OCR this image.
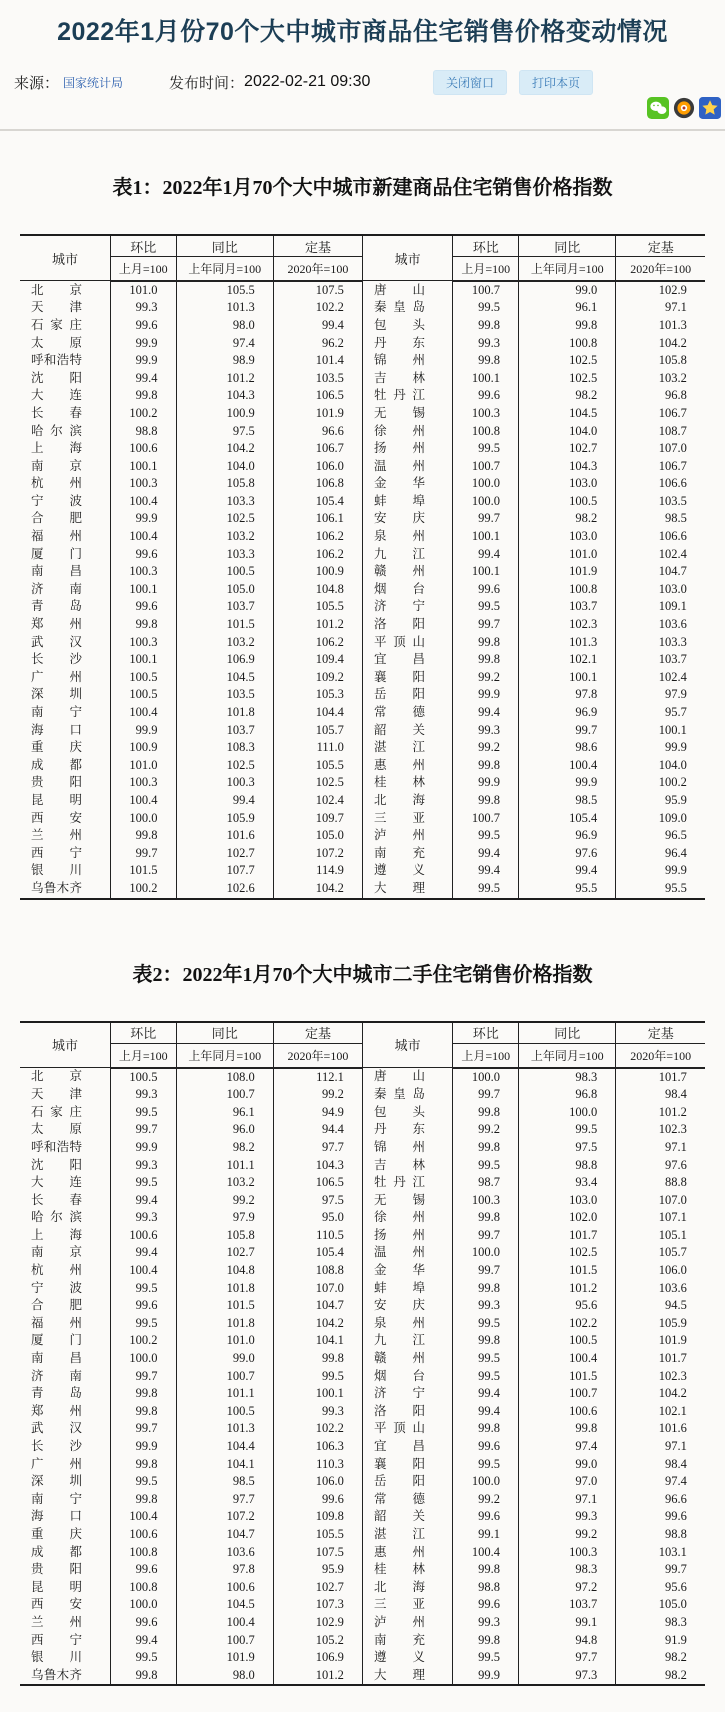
2022年1月份70个大中城市商品住宅销售价格变动情况
来源： 国家统计局	发布时间： 2022-02-21 09:30	关闭窗口	打印本页
表1：2022年1月70个大中城市新建商品住宅销售价格指数
城市	环比	同比	定基	城市	环比	同比	定基
	上月=100	上年同月=100	2020年=100		上月=100	上年同月=100	2020年=100
北京	101.0	105.5	107.5	唐山	100.7	99.0	102.9
天津	99.3	101.3	102.2	秦皇岛	99.5	96.1	97.1
石家庄	99.6	98.0	99.4	包头	99.8	99.8	101.3
太原	99.9	97.4	96.2	丹东	99.3	100.8	104.2
呼和浩特	99.9	98.9	101.4	锦州	99.8	102.5	105.8
沈阳	99.4	101.2	103.5	吉林	100.1	102.5	103.2
大连	99.8	104.3	106.5	牡丹江	99.6	98.2	96.8
长春	100.2	100.9	101.9	无锡	100.3	104.5	106.7
哈尔滨	98.8	97.5	96.6	徐州	100.8	104.0	108.7
上海	100.6	104.2	106.7	扬州	99.5	102.7	107.0
南京	100.1	104.0	106.0	温州	100.7	104.3	106.7
杭州	100.3	105.8	106.8	金华	100.0	103.0	106.6
宁波	100.4	103.3	105.4	蚌埠	100.0	100.5	103.5
合肥	99.9	102.5	106.1	安庆	99.7	98.2	98.5
福州	100.4	103.2	106.2	泉州	100.1	103.0	106.6
厦门	99.6	103.3	106.2	九江	99.4	101.0	102.4
南昌	100.3	100.5	100.9	赣州	100.1	101.9	104.7
济南	100.1	105.0	104.8	烟台	99.6	100.8	103.0
青岛	99.6	103.7	105.5	济宁	99.5	103.7	109.1
郑州	99.8	101.5	101.2	洛阳	99.7	102.3	103.6
武汉	100.3	103.2	106.2	平顶山	99.8	101.3	103.3
长沙	100.1	106.9	109.4	宜昌	99.8	102.1	103.7
广州	100.5	104.5	109.2	襄阳	99.2	100.1	102.4
深圳	100.5	103.5	105.3	岳阳	99.9	97.8	97.9
南宁	100.4	101.8	104.4	常德	99.4	96.9	95.7
海口	99.9	103.7	105.7	韶关	99.3	99.7	100.1
重庆	100.9	108.3	111.0	湛江	99.2	98.6	99.9
成都	101.0	102.5	105.5	惠州	99.8	100.4	104.0
贵阳	100.3	100.3	102.5	桂林	99.9	99.9	100.2
昆明	100.4	99.4	102.4	北海	99.8	98.5	95.9
西安	100.0	105.9	109.7	三亚	100.7	105.4	109.0
兰州	99.8	101.6	105.0	泸州	99.5	96.9	96.5
西宁	99.7	102.7	107.2	南充	99.4	97.6	96.4
银川	101.5	107.7	114.9	遵义	99.4	99.4	99.9
乌鲁木齐	100.2	102.6	104.2	大理	99.5	95.5	95.5
表2：2022年1月70个大中城市二手住宅销售价格指数
城市	环比	同比	定基	城市	环比	同比	定基
	上月=100	上年同月=100	2020年=100		上月=100	上年同月=100	2020年=100
北京	100.5	108.0	112.1	唐山	100.0	98.3	101.7
天津	99.3	100.7	99.2	秦皇岛	99.7	96.8	98.4
石家庄	99.5	96.1	94.9	包头	99.8	100.0	101.2
太原	99.7	96.0	94.4	丹东	99.2	99.5	102.3
呼和浩特	99.9	98.2	97.7	锦州	99.8	97.5	97.1
沈阳	99.3	101.1	104.3	吉林	99.5	98.8	97.6
大连	99.5	103.2	106.5	牡丹江	98.7	93.4	88.8
长春	99.4	99.2	97.5	无锡	100.3	103.0	107.0
哈尔滨	99.3	97.9	95.0	徐州	99.8	102.0	107.1
上海	100.6	105.8	110.5	扬州	99.7	101.7	105.1
南京	99.4	102.7	105.4	温州	100.0	102.5	105.7
杭州	100.4	104.8	108.8	金华	99.7	101.5	106.0
宁波	99.5	101.8	107.0	蚌埠	99.8	101.2	103.6
合肥	99.6	101.5	104.7	安庆	99.3	95.6	94.5
福州	99.5	101.8	104.2	泉州	99.5	102.2	105.9
厦门	100.2	101.0	104.1	九江	99.8	100.5	101.9
南昌	100.0	99.0	99.8	赣州	99.5	100.4	101.7
济南	99.7	100.7	99.5	烟台	99.5	101.5	102.3
青岛	99.8	101.1	100.1	济宁	99.4	100.7	104.2
郑州	99.8	100.5	99.3	洛阳	99.4	100.6	102.1
武汉	99.7	101.3	102.2	平顶山	99.8	99.8	101.6
长沙	99.9	104.4	106.3	宜昌	99.6	97.4	97.1
广州	99.8	104.1	110.3	襄阳	99.5	99.0	98.4
深圳	99.5	98.5	106.0	岳阳	100.0	97.0	97.4
南宁	99.8	97.7	99.6	常德	99.2	97.1	96.6
海口	100.4	107.2	109.8	韶关	99.6	99.3	99.6
重庆	100.6	104.7	105.5	湛江	99.1	99.2	98.8
成都	100.8	103.6	107.5	惠州	100.4	100.3	103.1
贵阳	99.6	97.8	95.9	桂林	99.8	98.3	99.7
昆明	100.8	100.6	102.7	北海	98.8	97.2	95.6
西安	100.0	104.5	107.3	三亚	99.6	103.7	105.0
兰州	99.6	100.4	102.9	泸州	99.3	99.1	98.3
西宁	99.4	100.7	105.2	南充	99.8	94.8	91.9
银川	99.5	101.9	106.9	遵义	99.5	97.7	98.2
乌鲁木齐	99.8	98.0	101.2	大理	99.9	97.3	98.2
